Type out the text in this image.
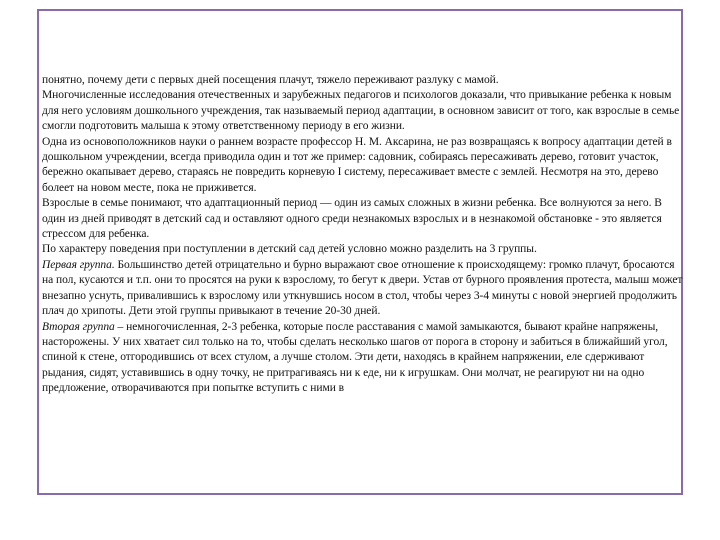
понятно, почему дети с первых дней посещения плачут, тяжело переживают разлуку с мамой.

Многочисленные исследования отечественных и зарубежных педагогов и психологов доказали, что привыкание ребенка к новым для него условиям дошкольного учреждения, так называемый период адаптации, в основном зависит от того, как взрослые в семье смогли подготовить малыша к этому ответственному периоду в его жизни.

Одна из основоположников науки о раннем возрасте профессор Н. М. Аксарина, не раз возвращаясь к вопросу адаптации детей в дошкольном учреждении, всегда приводила один и тот же пример: садовник, собираясь пересаживать дерево, готовит участок, бережно окапывает дерево, стараясь не повредить корневую І систему, пересаживает вместе с землей. Несмотря на это, дерево болеет на новом месте, пока не приживется.

Взрослые в семье понимают, что адаптационный период — один из самых сложных в жизни ребенка. Все волнуются за него. В один из дней приводят в детский сад и оставляют одного среди незнакомых взрослых и в незнакомой обстановке - это является стрессом для ребенка.

По характеру поведения при поступлении в детский сад детей условно можно разделить на 3 группы.

Первая группа. Большинство детей отрицательно и бурно выражают свое отношение к происходящему: громко плачут, бросаются на пол, кусаются и т.п. они то просятся на руки к взрослому, то бегут к двери. Устав от бурного проявления протеста, малыш может внезапно уснуть, привалившись к взрослому или уткнувшись носом в стол, чтобы через 3-4 минуты с новой энергией продолжить плач до хрипоты. Дети этой группы привыкают в течение 20-30 дней.

Вторая группа – немногочисленная, 2-3 ребенка, которые после расставания с мамой замыкаются, бывают крайне напряжены, насторожены. У них хватает сил только на то, чтобы сделать несколько шагов от порога в сторону и забиться в ближайший угол, спиной к стене, отгородившись от всех стулом, а лучше столом. Эти дети, находясь в крайнем напряжении, еле сдерживают рыдания, сидят, уставившись в одну точку, не притрагиваясь ни к еде, ни к игрушкам. Они молчат, не реагируют ни на одно предложение, отворачиваются при попытке вступить с ними в
